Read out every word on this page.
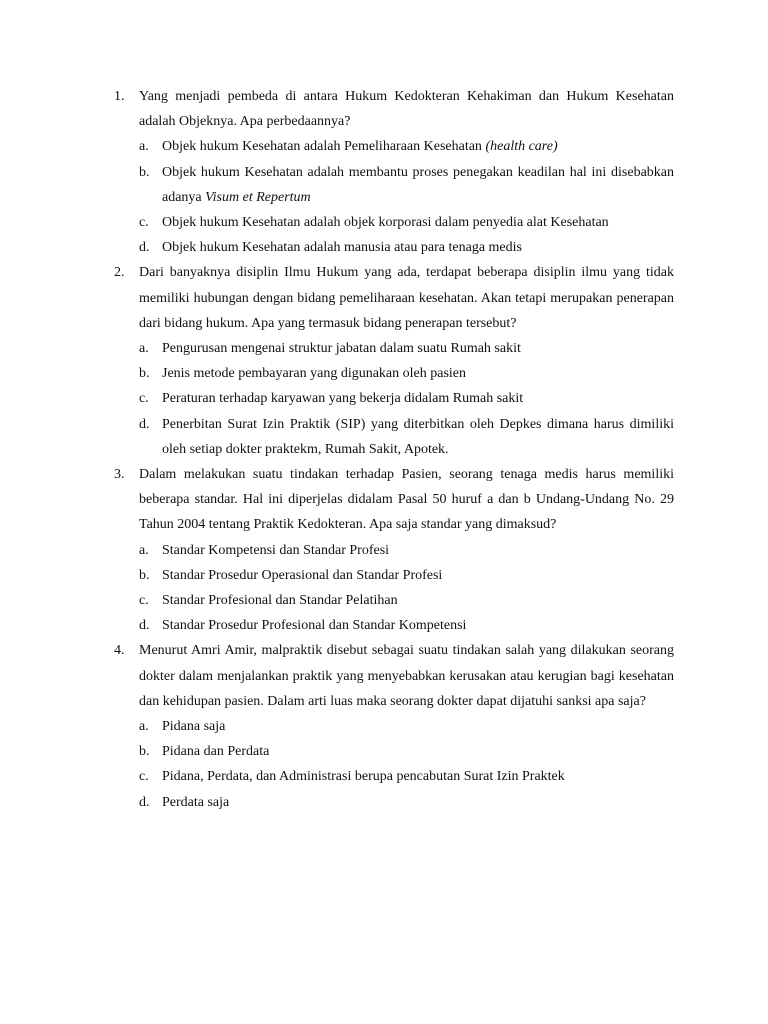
1. Yang menjadi pembeda di antara Hukum Kedokteran Kehakiman dan Hukum Kesehatan adalah Objeknya. Apa perbedaannya?
a. Objek hukum Kesehatan adalah Pemeliharaan Kesehatan (health care)
b. Objek hukum Kesehatan adalah membantu proses penegakan keadilan hal ini disebabkan adanya Visum et Repertum
c. Objek hukum Kesehatan adalah objek korporasi dalam penyedia alat Kesehatan
d. Objek hukum Kesehatan adalah manusia atau para tenaga medis
2. Dari banyaknya disiplin Ilmu Hukum yang ada, terdapat beberapa disiplin ilmu yang tidak memiliki hubungan dengan bidang pemeliharaan kesehatan. Akan tetapi merupakan penerapan dari bidang hukum. Apa yang termasuk bidang penerapan tersebut?
a. Pengurusan mengenai struktur jabatan dalam suatu Rumah sakit
b. Jenis metode pembayaran yang digunakan oleh pasien
c. Peraturan terhadap karyawan yang bekerja didalam Rumah sakit
d. Penerbitan Surat Izin Praktik (SIP) yang diterbitkan oleh Depkes dimana harus dimiliki oleh setiap dokter praktekm, Rumah Sakit, Apotek.
3. Dalam melakukan suatu tindakan terhadap Pasien, seorang tenaga medis harus memiliki beberapa standar. Hal ini diperjelas didalam Pasal 50 huruf a dan b Undang-Undang No. 29 Tahun 2004 tentang Praktik Kedokteran. Apa saja standar yang dimaksud?
a. Standar Kompetensi dan Standar Profesi
b. Standar Prosedur Operasional dan Standar Profesi
c. Standar Profesional dan Standar Pelatihan
d. Standar Prosedur Profesional dan Standar Kompetensi
4. Menurut Amri Amir, malpraktik disebut sebagai suatu tindakan salah yang dilakukan seorang dokter dalam menjalankan praktik yang menyebabkan kerusakan atau kerugian bagi kesehatan dan kehidupan pasien. Dalam arti luas maka seorang dokter dapat dijatuhi sanksi apa saja?
a. Pidana saja
b. Pidana dan Perdata
c. Pidana, Perdata, dan Administrasi berupa pencabutan Surat Izin Praktek
d. Perdata saja
